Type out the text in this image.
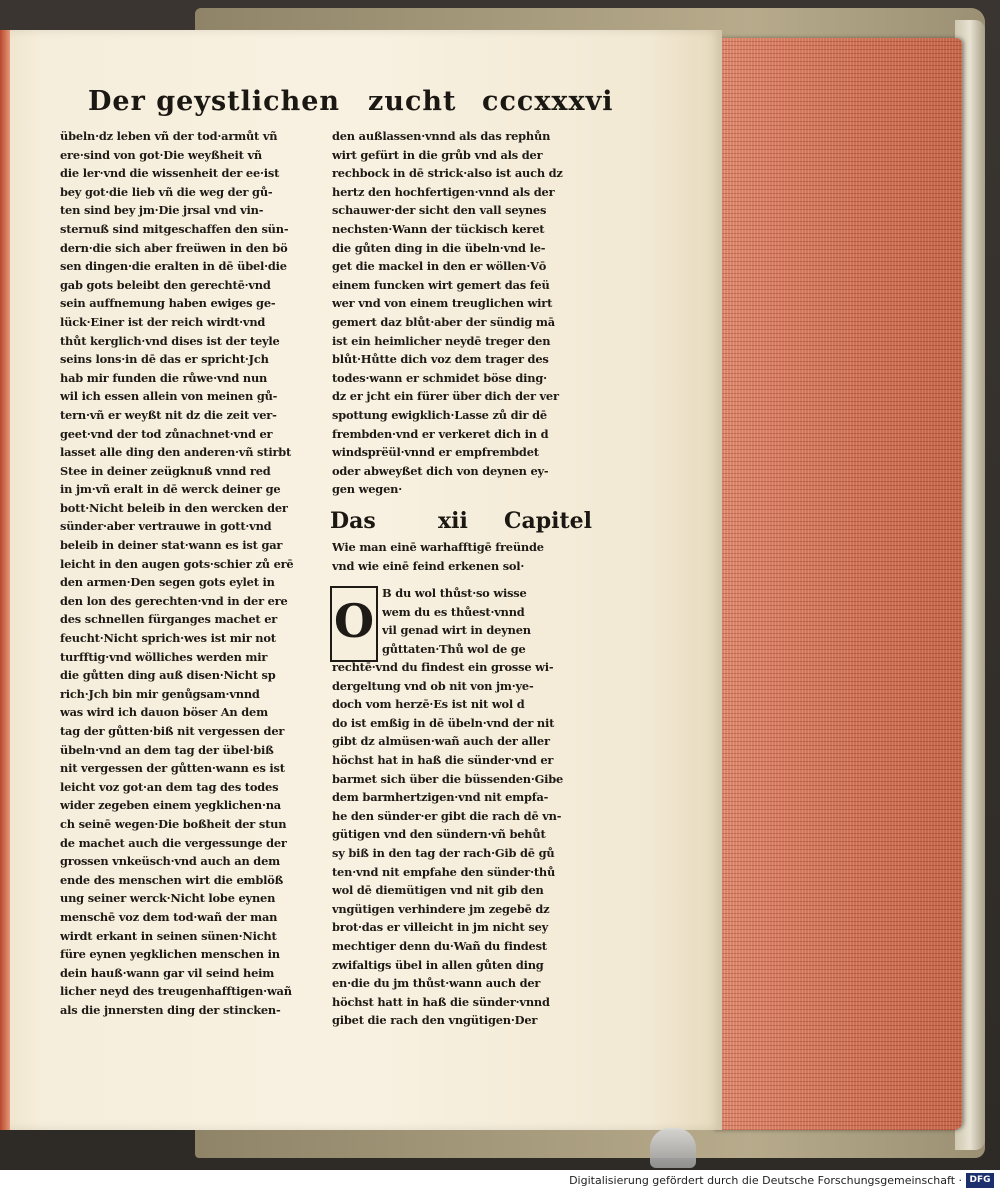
Der geystlichen zucht cccxxxvi
übeln·dz leben vñ der tod·armůt vñ
ere·sind von got·Die weyßheit vñ
die ler·vnd die wissenheit der ee·ist
bey got·die lieb vñ die weg der gů-
ten sind bey jm·Die jrsal vnd vin-
sternuß sind mitgeschaffen den sün-
dern·die sich aber freüwen in den bö
sen dingen·die eralten in dē übel·die
gab gots beleibt den gerechtē·vnd
sein auffnemung haben ewiges ge-
lück·Einer ist der reich wirdt·vnd
thůt kerglich·vnd dises ist der teyle
seins lons·in dē das er spricht·Jch
hab mir funden die růwe·vnd nun
wil ich essen allein von meinen gů-
tern·vñ er weyßt nit dz die zeit ver-
geet·vnd der tod zůnachnet·vnd er
lasset alle ding den anderen·vñ stirbt
Stee in deiner zeügknuß vnnd red
in jm·vñ eralt in dē werck deiner ge
bott·Nicht beleib in den wercken der
sünder·aber vertrauwe in gott·vnd
beleib in deiner stat·wann es ist gar
leicht in den augen gots·schier zů erē
den armen·Den segen gots eylet in
den lon des gerechten·vnd in der ere
des schnellen fürganges machet er
feucht·Nicht sprich·wes ist mir not
turfftig·vnd wölliches werden mir
die gůtten ding auß disen·Nicht sp
rich·Jch bin mir genůgsam·vnnd
was wird ich dauon böser An dem
tag der gůtten·biß nit vergessen der
übeln·vnd an dem tag der übel·biß
nit vergessen der gůtten·wann es ist
leicht voz got·an dem tag des todes
wider zegeben einem yegklichen·na
ch seinē wegen·Die boßheit der stun
de machet auch die vergessunge der
grossen vnkeüsch·vnd auch an dem
ende des menschen wirt die emblöß
ung seiner werck·Nicht lobe eynen
menschē voz dem tod·wañ der man
wirdt erkant in seinen sünen·Nicht
füre eynen yegklichen menschen in
dein hauß·wann gar vil seind heim
licher neyd des treugenhafftigen·wañ
als die jnnersten ding der stincken-
den außlassen·vnnd als das rephůn
wirt gefürt in die grůb vnd als der
rechbock in dē strick·also ist auch dz
hertz den hochfertigen·vnnd als der
schauwer·der sicht den vall seynes
nechsten·Wann der tückisch keret
die gůten ding in die übeln·vnd le-
get die mackel in den er wöllen·Vō
einem funcken wirt gemert das feü
wer vnd von einem treuglichen wirt
gemert daz blůt·aber der sündig mā
ist ein heimlicher neydē treger den
blůt·Hůtte dich voz dem trager des
todes·wann er schmidet böse ding·
dz er jcht ein fürer über dich der ver
spottung ewigklich·Lasse zů dir dē
frembden·vnd er verkeret dich in d
windsprëül·vnnd er empfrembdet
oder abweyßet dich von deynen ey-
gen wegen·
Das	xii Capitel
Wie man einē warhafftigē freünde
vnd wie einē feind erkenen sol·
O
B du wol thůst·so wisse
wem du es thůest·vnnd
vil genad wirt in deynen
gůttaten·Thů wol de ge
rechtē·vnd du findest ein grosse wi-
dergeltung vnd ob nit von jm·ye-
doch vom herzē·Es ist nit wol d
do ist emßig in dē übeln·vnd der nit
gibt dz almüsen·wañ auch der aller
höchst hat in haß die sünder·vnd er
barmet sich über die büssenden·Gibe
dem barmhertzigen·vnd nit empfa-
he den sünder·er gibt die rach dē vn-
gütigen vnd den sündern·vñ behůt
sy biß in den tag der rach·Gib dē gů
ten·vnd nit empfahe den sünder·thů
wol dē diemütigen vnd nit gib den
vngütigen verhindere jm zegebē dz
brot·das er villeicht in jm nicht sey
mechtiger denn du·Wañ du findest
zwifaltigs übel in allen gůten ding
en·die du jm thůst·wann auch der
höchst hatt in haß die sünder·vnnd
gibet die rach den vngütigen·Der
Digitalisierung gefördert durch die Deutsche Forschungsgemeinschaft · DFG
